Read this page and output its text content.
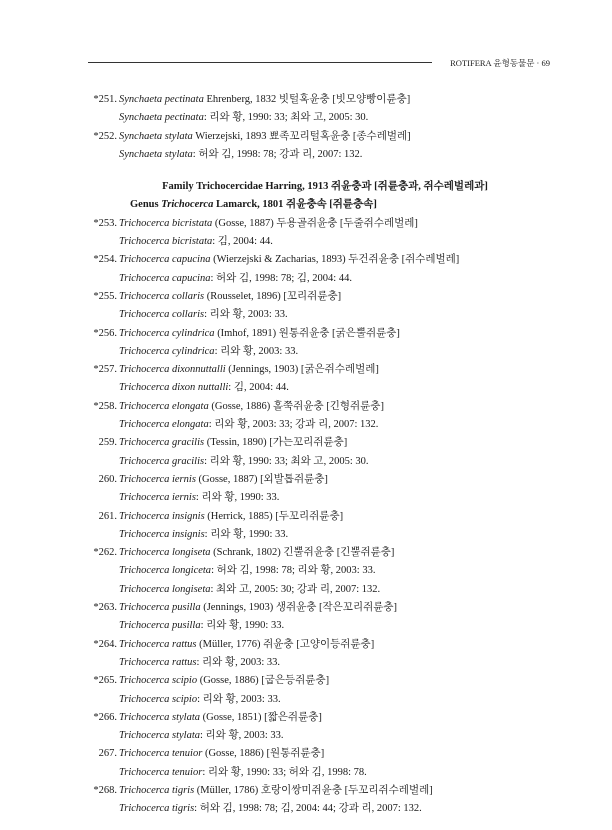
ROTIFERA 윤형동물문 · 69
*251. Synchaeta pectinata Ehrenberg, 1832 빗털혹윤충 [빗모양빵이륜충]
Synchaeta pectinata: 리와 황, 1990: 33; 최와 고, 2005: 30.
*252. Synchaeta stylata Wierzejski, 1893 뾰족꼬리털혹윤충 [종수레벌레]
Synchaeta stylata: 허와 김, 1998: 78; 강과 리, 2007: 132.
Family Trichocercidae Harring, 1913 쥐윤충과 [쥐륜충과, 쥐수레벌레과]
Genus Trichocerca Lamarck, 1801 쥐윤충속 [쥐륜충속]
*253. Trichocerca bicristata (Gosse, 1887) 두용골쥐윤충 [두줄쥐수레벌레]
Trichocerca bicristata: 김, 2004: 44.
*254. Trichocerca capucina (Wierzejski & Zacharias, 1893) 두건쥐윤충 [쥐수레벌레]
Trichocerca capucina: 허와 김, 1998: 78; 김, 2004: 44.
*255. Trichocerca collaris (Rousselet, 1896) [꼬리쥐륜충]
Trichocerca collaris: 리와 황, 2003: 33.
*256. Trichocerca cylindrica (Imhof, 1891) 원통쥐윤충 [굵은뿔쥐륜충]
Trichocerca cylindrica: 리와 황, 2003: 33.
*257. Trichocerca dixonnuttalli (Jennings, 1903) [굵은쥐수레벌레]
Trichocerca dixon nuttalli: 김, 2004: 44.
*258. Trichocerca elongata (Gosse, 1886) 홀쭉쥐윤충 [긴형쥐륜충]
Trichocerca elongata: 리와 황, 2003: 33; 강과 리, 2007: 132.
259. Trichocerca gracilis (Tessin, 1890) [가는꼬리쥐륜충]
Trichocerca gracilis: 리와 황, 1990: 33; 최와 고, 2005: 30.
260. Trichocerca iernis (Gosse, 1887) [외발톱쥐륜충]
Trichocerca iernis: 리와 황, 1990: 33.
261. Trichocerca insignis (Herrick, 1885) [두꼬리쥐륜충]
Trichocerca insignis: 리와 황, 1990: 33.
*262. Trichocerca longiseta (Schrank, 1802) 긴뿔쥐윤충 [긴뿔쥐륜충]
Trichocerca longiceta: 허와 김, 1998: 78; 리와 황, 2003: 33.
Trichocerca longiseta: 최와 고, 2005: 30; 강과 리, 2007: 132.
*263. Trichocerca pusilla (Jennings, 1903) 생쥐윤충 [작은꼬리쥐륜충]
Trichocerca pusilla: 리와 황, 1990: 33.
*264. Trichocerca rattus (Müller, 1776) 쥐윤충 [고양이등쥐륜충]
Trichocerca rattus: 리와 황, 2003: 33.
*265. Trichocerca scipio (Gosse, 1886) [굽은등쥐륜충]
Trichocerca scipio: 리와 황, 2003: 33.
*266. Trichocerca stylata (Gosse, 1851) [짧은쥐륜충]
Trichocerca stylata: 리와 황, 2003: 33.
267. Trichocerca tenuior (Gosse, 1886) [원통쥐륜충]
Trichocerca tenuior: 리와 황, 1990: 33; 허와 김, 1998: 78.
*268. Trichocerca tigris (Müller, 1786) 호랑이쌍미쥐윤충 [두꼬리쥐수레벌레]
Trichocerca tigris: 허와 김, 1998: 78; 김, 2004: 44; 강과 리, 2007: 132.
